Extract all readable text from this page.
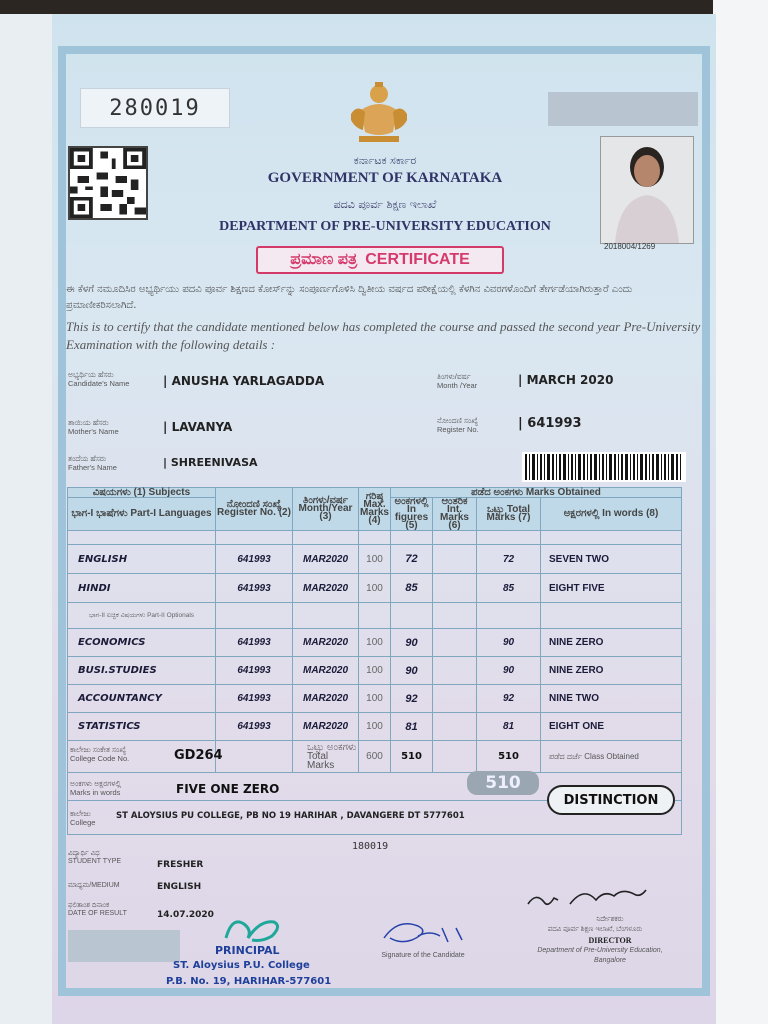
280019
2018004/1269
ಕರ್ನಾಟಕ ಸರ್ಕಾರ
GOVERNMENT OF KARNATAKA
ಪದವಿ ಪೂರ್ವ ಶಿಕ್ಷಣ ಇಲಾಖೆ
DEPARTMENT OF PRE-UNIVERSITY EDUCATION
ಪ್ರಮಾಣ ಪತ್ರ CERTIFICATE
ಈ ಕೆಳಗೆ ನಮೂದಿಸಿರ ಅಭ್ಯರ್ಥಿಯು ಪದವಿ ಪೂರ್ವ ಶಿಕ್ಷಣದ ಕೋರ್ಸ್‌ನ್ನು ಸಂಪೂರ್ಣಗೊಳಿಸಿ ದ್ವಿತೀಯ ವರ್ಷದ ಪರೀಕ್ಷೆಯಲ್ಲಿ ಕೆಳಗಿನ ವಿವರಗಳೊಂದಿಗೆ ತೇರ್ಗಡೆಯಾಗಿರುತ್ತಾರೆ ಎಂದು ಪ್ರಮಾಣೀಕರಿಸಲಾಗಿದೆ.
This is to certify that the candidate mentioned below has completed the course and passed the second year Pre-University Examination with the following details :
ಅಭ್ಯರ್ಥಿಯ ಹೆಸರು
Candidate's Name	| ANUSHA YARLAGADDA
ತಾಯಿಯ ಹೆಸರು
Mother's Name	| LAVANYA
ತಂದೆಯ ಹೆಸರು
Father's Name	| SHREENIVASA
ತಿಂಗಳು/ವರ್ಷ
Month /Year	| MARCH 2020
ನೋಂದಣಿ ಸಂಖ್ಯೆ
Register No.	| 641993
ವಿಷಯಗಳು (1) Subjects	ನೋಂದಣಿ ಸಂಖ್ಯೆ Register No. (2)	ತಿಂಗಳು/ವರ್ಷ Month/Year (3)	ಗರಿಷ್ಠ Max. Marks (4)	ಪಡೆದ ಅಂಕಗಳು Marks Obtained			
ಭಾಗ-I ಭಾಷೆಗಳು Part-I Languages				ಅಂಕಗಳಲ್ಲಿ In figures (5)	ಆಂತರಿಕ Int. Marks (6)	ಒಟ್ಟು Total Marks (7)	ಅಕ್ಷರಗಳಲ್ಲಿ In words (8)

ENGLISH	641993	MAR2020	100	72		72	SEVEN TWO
HINDI	641993	MAR2020	100	85		85	EIGHT FIVE
ಭಾಗ-II ಐಚ್ಛಿಕ ವಿಷಯಗಳು Part-II Optionals							
ECONOMICS	641993	MAR2020	100	90		90	NINE ZERO
BUSI.STUDIES	641993	MAR2020	100	90		90	NINE ZERO
ACCOUNTANCY	641993	MAR2020	100	92		92	NINE TWO
STATISTICS	641993	MAR2020	100	81		81	EIGHT ONE

ಕಾಲೇಜು ಸಂಕೇತ ಸಂಖ್ಯೆ
College Code No. GD264		ಒಟ್ಟು ಅಂಕಗಳು
Total Marks	600	510		510	ಪಡೆದ ದರ್ಜೆ Class Obtained

ಅಂಕಗಳು ಅಕ್ಷರಗಳಲ್ಲಿ
Marks in words FIVE ONE ZERO							

ಕಾಲೇಜು
College
ST ALOYSIUS PU COLLEGE, PB NO 19 HARIHAR , DAVANGERE DT 5777601							
510
DISTINCTION
180019
ವಿದ್ಯಾರ್ಥಿ ವಿಧ
STUDENT TYPE	FRESHER
ಮಾಧ್ಯಮ/MEDIUM	ENGLISH
ಫಲಿತಾಂಶ ದಿನಾಂಕ
DATE OF RESULT	14.07.2020
PRINCIPAL
ST. Aloysius P.U. College
P.B. No. 19, HARIHAR-577601
Signature of the Candidate
ನಿರ್ದೇಶಕರು
ಪದವಿ ಪೂರ್ವ ಶಿಕ್ಷಣ ಇಲಾಖೆ, ಬೆಂಗಳೂರು
DIRECTOR
Department of Pre-University Education,
Bangalore
